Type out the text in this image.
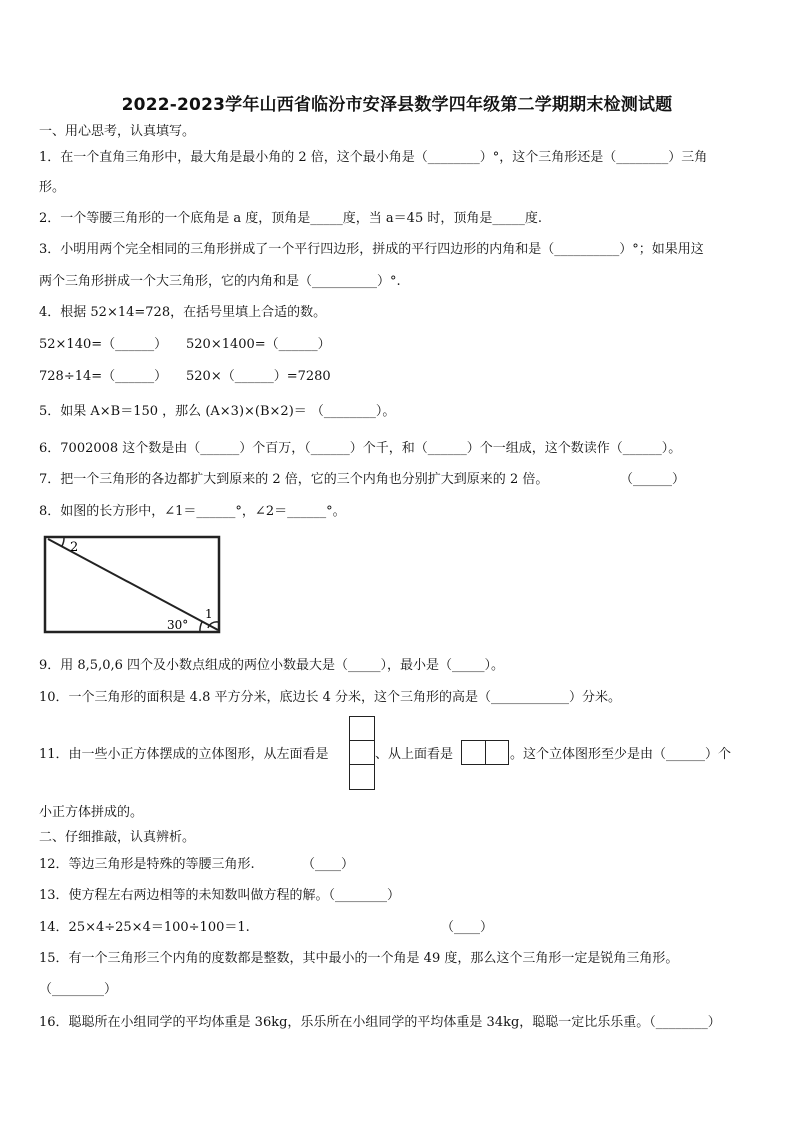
2022-2023学年山西省临汾市安泽县数学四年级第二学期期末检测试题
一、用心思考，认真填写。
1．在一个直角三角形中，最大角是最小角的 2 倍，这个最小角是（________）°，这个三角形还是（________）三角
形。
2．一个等腰三角形的一个底角是 a 度，顶角是_____度，当 a＝45 时，顶角是_____度.
3．小明用两个完全相同的三角形拼成了一个平行四边形，拼成的平行四边形的内角和是（__________）°；如果用这
两个三角形拼成一个大三角形，它的内角和是（__________）°.
4．根据 52×14=728，在括号里填上合适的数。
52×140=（______） 520×1400=（______）
728÷14=（______） 520×（______）=7280
5．如果 A×B＝150 ，那么 (A×3)×(B×2)＝ （________）。
6．7002008 这个数是由（______）个百万，（______）个千，和（______）个一组成，这个数读作（______）。
7．把一个三角形的各边都扩大到原来的 2 倍，它的三个内角也分别扩大到原来的 2 倍。	（______）
8．如图的长方形中，∠1＝______°，∠2＝______°。
2
1
30°
9．用 8,5,0,6 四个及小数点组成的两位小数最大是（_____），最小是（_____）。
10．一个三角形的面积是 4.8 平方分米，底边长 4 分米，这个三角形的高是（____________）分米。
11．由一些小正方体摆成的立体图形，从左面看是	、从上面看是	。这个立体图形至少是由（______）个
小正方体拼成的。
二、仔细推敲，认真辨析。
12．等边三角形是特殊的等腰三角形.	（____）
13．使方程左右两边相等的未知数叫做方程的解。（________）
14．25×4÷25×4＝100÷100＝1.	（____）
15．有一个三角形三个内角的度数都是整数，其中最小的一个角是 49 度，那么这个三角形一定是锐角三角形。
（________）
16．聪聪所在小组同学的平均体重是 36kg，乐乐所在小组同学的平均体重是 34kg，聪聪一定比乐乐重。（________）
